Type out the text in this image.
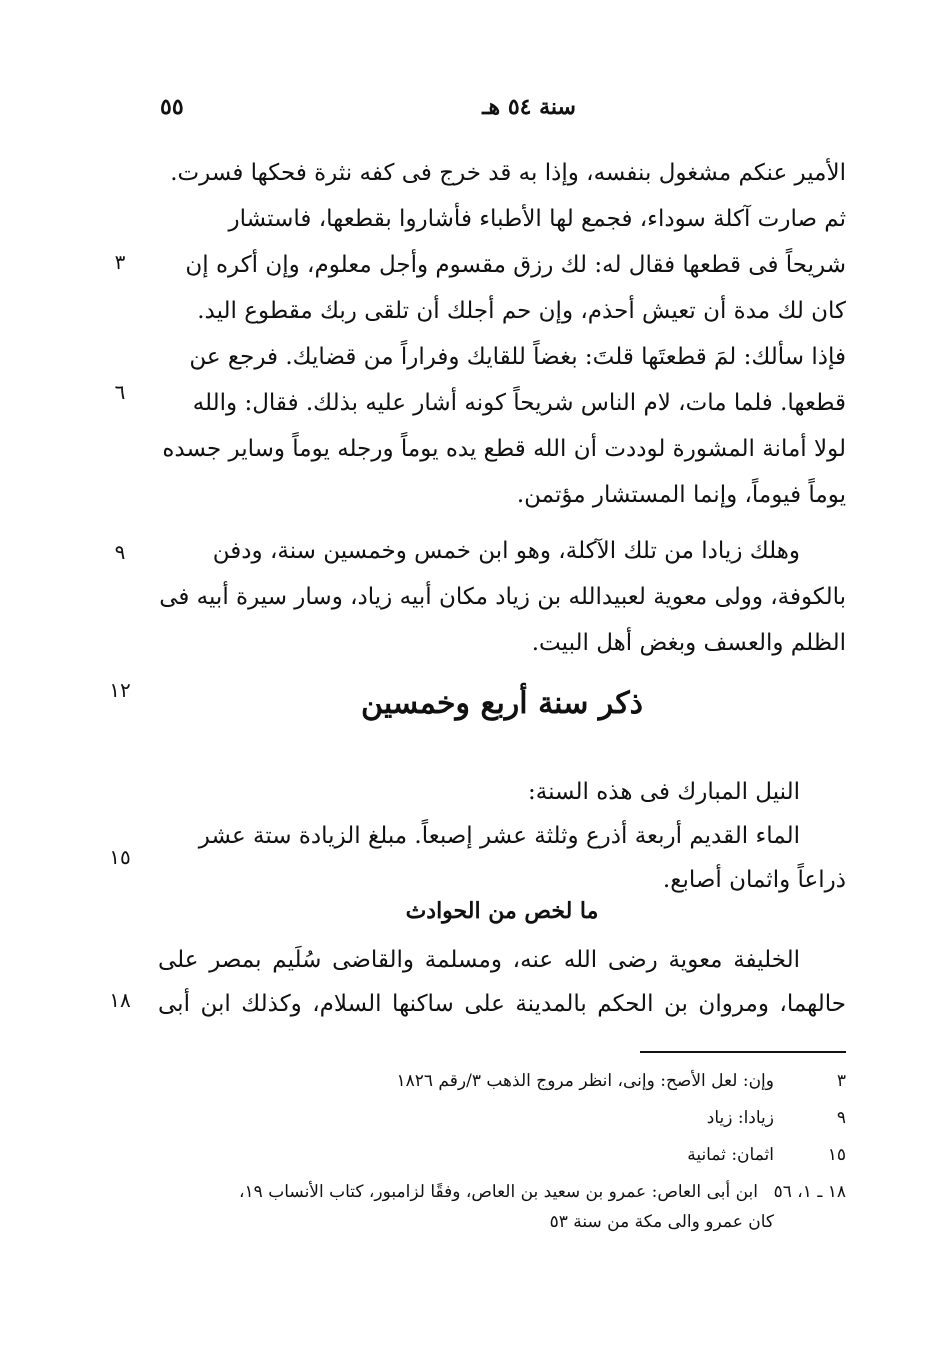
سنة ٥٤ هـ
٥٥

الأمير عنكم مشغول بنفسه، وإذا به قد خرج فى كفه نثرة فحكها فسرت.

ثم صارت آكلة سوداء، فجمع لها الأطباء فأشاروا بقطعها، فاستشار

شريحاً فى قطعها فقال له: لك رزق مقسوم وأجل معلوم، وإن أكره إن

كان لك مدة أن تعيش أحذم، وإن حم أجلك أن تلقى ربك مقطوع اليد.

فإذا سألك: لمَ قطعتَها قلتَ: بغضاً للقايك وفراراً من قضايك. فرجع عن

قطعها. فلما مات، لام الناس شريحاً كونه أشار عليه بذلك. فقال: والله

لولا أمانة المشورة لوددت أن الله قطع يده يوماً ورجله يوماً وساير جسده

يوماً فيوماً، وإنما المستشار مؤتمن.

وهلك زيادا من تلك الآكلة، وهو ابن خمس وخمسين سنة، ودفن

بالكوفة، وولى معوية لعبيدالله بن زياد مكان أبيه زياد، وسار سيرة أبيه فى

الظلم والعسف وبغض أهل البيت.

ذكر سنة أربع وخمسين

النيل المبارك فى هذه السنة:

الماء القديم أربعة أذرع وثلثة عشر إصبعاً. مبلغ الزيادة ستة عشر

ذراعاً واثمان أصابع.

ما لخص من الحوادث

الخليفة معوية رضى الله عنه، ومسلمة والقاضى سُلَيم بمصر على

حالهما، ومروان بن الحكم بالمدينة على ساكنها السلام، وكذلك ابن أبى

٣
٦
٩
١٢
١٥
١٨
٣
وإن: لعل الأصح: وإنى، انظر مروج الذهب ٣/رقم ١٨٢٦
٩
زيادا: زياد
١٥
اثمان: ثمانية
١٨ ـ ١، ٥٦
ابن أبى العاص: عمرو بن سعيد بن العاص، وفقًا لزامبور، كتاب الأنساب ١٩،
كان عمرو والى مكة من سنة ٥٣
